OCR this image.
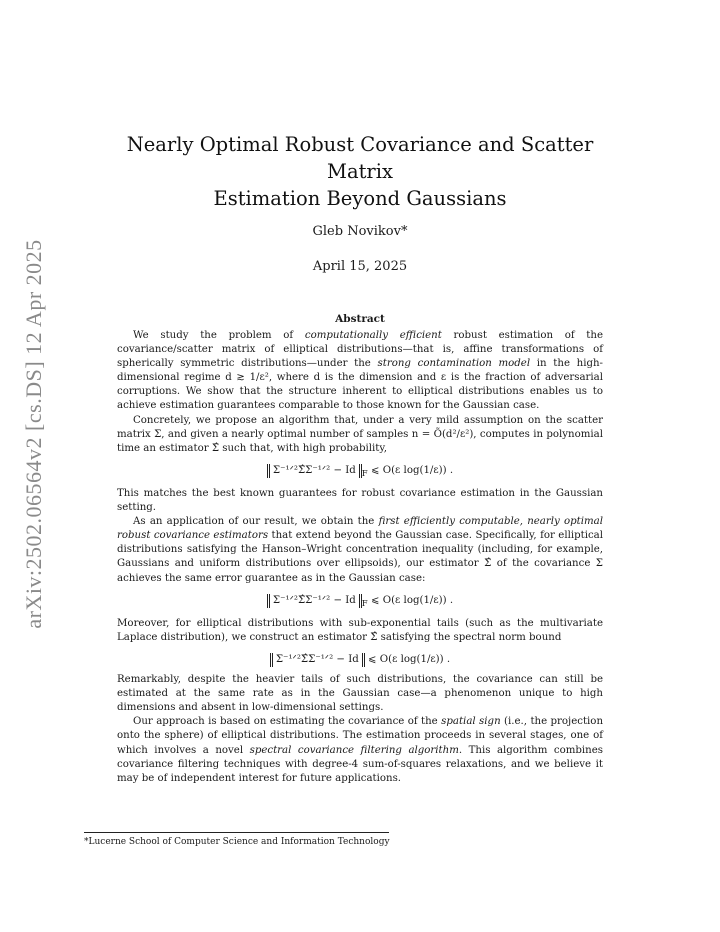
arXiv:2502.06564v2 [cs.DS] 12 Apr 2025
Nearly Optimal Robust Covariance and Scatter Matrix
Estimation Beyond Gaussians
Gleb Novikov*
April 15, 2025
Abstract

We study the problem of computationally efficient robust estimation of the covariance/scatter matrix of elliptical distributions—that is, affine transformations of spherically symmetric distributions—under the strong contamination model in the high-dimensional regime d ≳ 1/ε², where d is the dimension and ε is the fraction of adversarial corruptions. We show that the structure inherent to elliptical distributions enables us to achieve estimation guarantees comparable to those known for the Gaussian case.

Concretely, we propose an algorithm that, under a very mild assumption on the scatter matrix Σ, and given a nearly optimal number of samples n = Õ(d²/ε²), computes in polynomial time an estimator Σ̂ such that, with high probability,

Σ⁻¹ᐟ²Σ̂Σ⁻¹ᐟ² − Id $_F$ ⩽ O(ε log(1/ε)) .

This matches the best known guarantees for robust covariance estimation in the Gaussian setting.

As an application of our result, we obtain the first efficiently computable, nearly optimal robust covariance estimators that extend beyond the Gaussian case. Specifically, for elliptical distributions satisfying the Hanson–Wright concentration inequality (including, for example, Gaussians and uniform distributions over ellipsoids), our estimator Σ̂ of the covariance Σ achieves the same error guarantee as in the Gaussian case:

Σ⁻¹ᐟ²Σ̂Σ⁻¹ᐟ² − Id $_F$ ⩽ O(ε log(1/ε)) .

Moreover, for elliptical distributions with sub-exponential tails (such as the multivariate Laplace distribution), we construct an estimator Σ̂ satisfying the spectral norm bound

Σ⁻¹ᐟ²Σ̂Σ⁻¹ᐟ² − Id ⩽ O(ε log(1/ε)) .

Remarkably, despite the heavier tails of such distributions, the covariance can still be estimated at the same rate as in the Gaussian case—a phenomenon unique to high dimensions and absent in low-dimensional settings.

Our approach is based on estimating the covariance of the spatial sign (i.e., the projection onto the sphere) of elliptical distributions. The estimation proceeds in several stages, one of which involves a novel spectral covariance filtering algorithm. This algorithm combines covariance filtering techniques with degree-4 sum-of-squares relaxations, and we believe it may be of independent interest for future applications.

*Lucerne School of Computer Science and Information Technology
